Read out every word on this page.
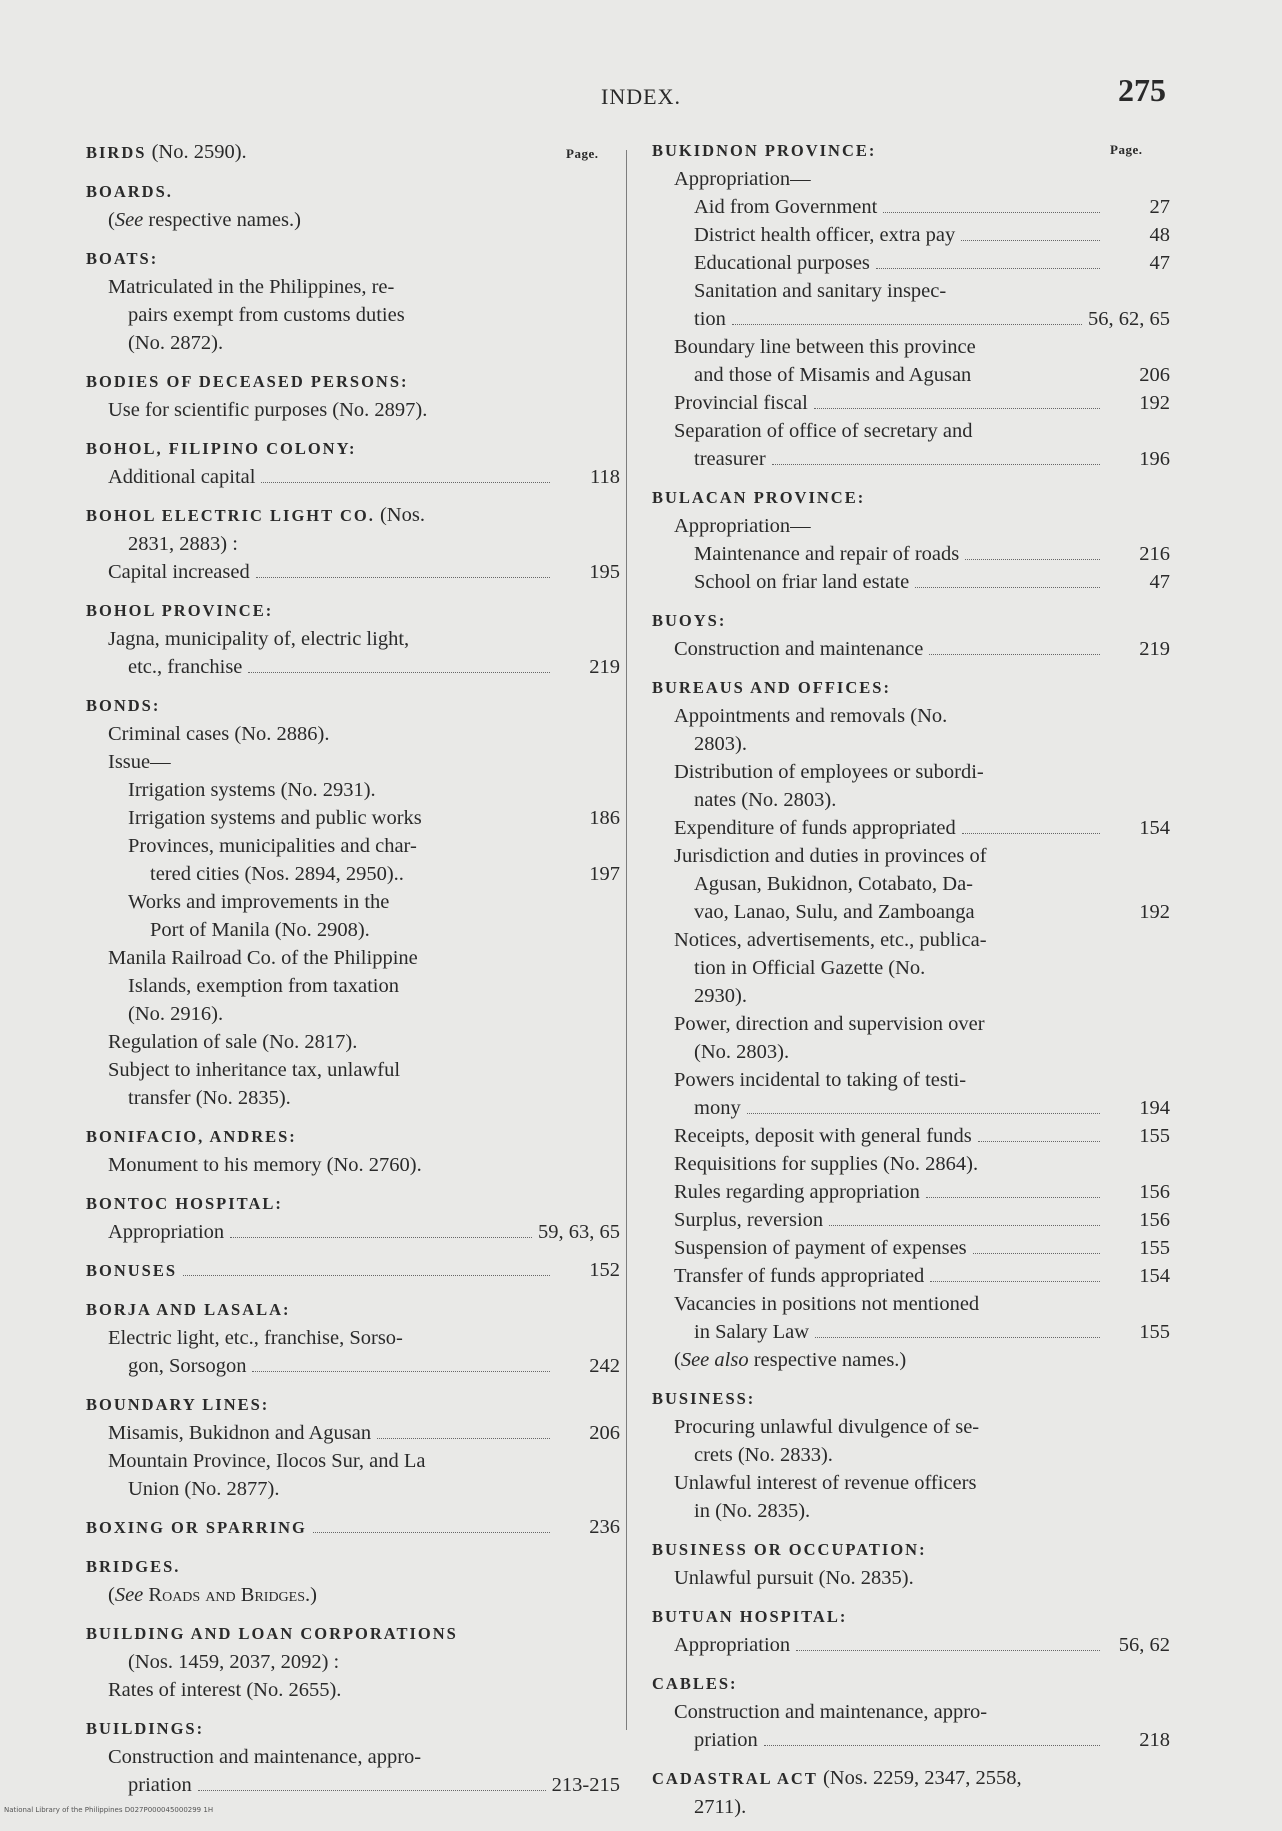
INDEX.	275
Page.	Page.
BIRDS (No. 2590).
BOARDS.
(See respective names.)
BOATS:
Matriculated in the Philippines, re-
pairs exempt from customs duties
(No. 2872).
BODIES OF DECEASED PERSONS:
Use for scientific purposes (No. 2897).
BOHOL, FILIPINO COLONY:
Additional capital	118
BOHOL ELECTRIC LIGHT CO. (Nos.
2831, 2883) :
Capital increased	195
BOHOL PROVINCE:
Jagna, municipality of, electric light,
etc., franchise	219
BONDS:
Criminal cases (No. 2886).
Issue—
Irrigation systems (No. 2931).
Irrigation systems and public works	186
Provinces, municipalities and char-
tered cities (Nos. 2894, 2950)..	197
Works and improvements in the
Port of Manila (No. 2908).
Manila Railroad Co. of the Philippine
Islands, exemption from taxation
(No. 2916).
Regulation of sale (No. 2817).
Subject to inheritance tax, unlawful
transfer (No. 2835).
BONIFACIO, ANDRES:
Monument to his memory (No. 2760).
BONTOC HOSPITAL:
Appropriation	59, 63, 65
BONUSES	152
BORJA AND LASALA:
Electric light, etc., franchise, Sorso-
gon, Sorsogon	242
BOUNDARY LINES:
Misamis, Bukidnon and Agusan	206
Mountain Province, Ilocos Sur, and La
Union (No. 2877).
BOXING OR SPARRING	236
BRIDGES.
(See Roads and Bridges.)
BUILDING AND LOAN CORPORATIONS
(Nos. 1459, 2037, 2092) :
Rates of interest (No. 2655).
BUILDINGS:
Construction and maintenance, appro-
priation	213-215
BUKIDNON PROVINCE:
Appropriation—
Aid from Government	27
District health officer, extra pay	48
Educational purposes	47
Sanitation and sanitary inspec-
tion	56, 62, 65
Boundary line between this province
and those of Misamis and Agusan	206
Provincial fiscal	192
Separation of office of secretary and
treasurer	196
BULACAN PROVINCE:
Appropriation—
Maintenance and repair of roads	216
School on friar land estate	47
BUOYS:
Construction and maintenance	219
BUREAUS AND OFFICES:
Appointments and removals (No.
2803).
Distribution of employees or subordi-
nates (No. 2803).
Expenditure of funds appropriated	154
Jurisdiction and duties in provinces of
Agusan, Bukidnon, Cotabato, Da-
vao, Lanao, Sulu, and Zamboanga	192
Notices, advertisements, etc., publica-
tion in Official Gazette (No.
2930).
Power, direction and supervision over
(No. 2803).
Powers incidental to taking of testi-
mony	194
Receipts, deposit with general funds	155
Requisitions for supplies (No. 2864).
Rules regarding appropriation	156
Surplus, reversion	156
Suspension of payment of expenses	155
Transfer of funds appropriated	154
Vacancies in positions not mentioned
in Salary Law	155
(See also respective names.)
BUSINESS:
Procuring unlawful divulgence of se-
crets (No. 2833).
Unlawful interest of revenue officers
in (No. 2835).
BUSINESS OR OCCUPATION:
Unlawful pursuit (No. 2835).
BUTUAN HOSPITAL:
Appropriation	56, 62
CABLES:
Construction and maintenance, appro-
priation	218
CADASTRAL ACT (Nos. 2259, 2347, 2558,
2711).
National Library of the Philippines D027P000045000299 1H
